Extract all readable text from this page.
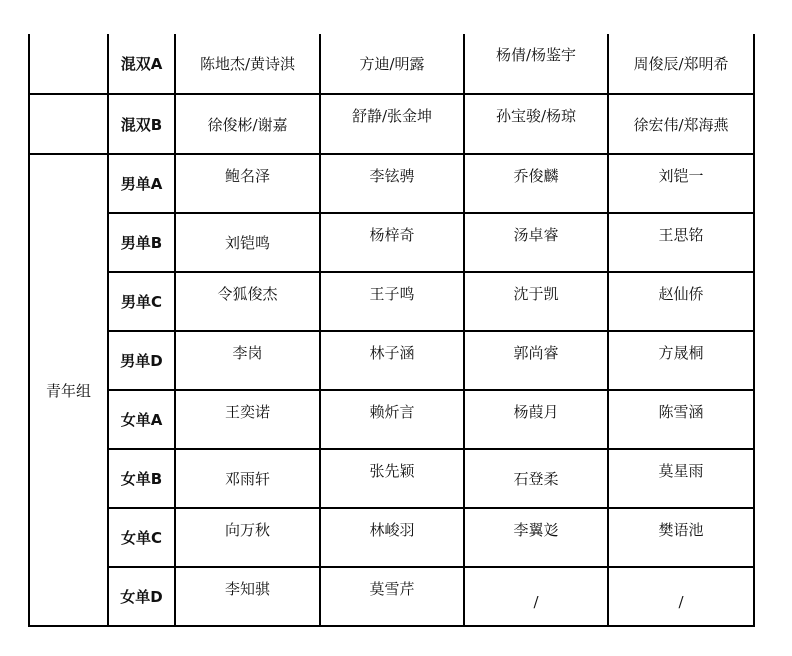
	混双A	陈地杰/黄诗淇	方迪/明露	杨倩/杨鉴宇	周俊辰/郑明希
	混双B	徐俊彬/谢嘉	舒静/张金坤	孙宝骏/杨琼	徐宏伟/郑海燕
青年组	男单A	鲍名泽	李铉骋	乔俊麟	刘铠一
	男单B	刘铠鸣	杨梓奇	汤卓睿	王思铭
	男单C	令狐俊杰	王子鸣	沈于凯	赵仙侨
	男单D	李岗	林子涵	郭尚睿	方晟桐
	女单A	王奕诺	赖炘言	杨葭月	陈雪涵
	女单B	邓雨轩	张先颖	石登柔	莫星雨
	女单C	向万秋	林峻羽	李翼彣	樊语池
	女单D	李知骐	莫雪芹	/	/
